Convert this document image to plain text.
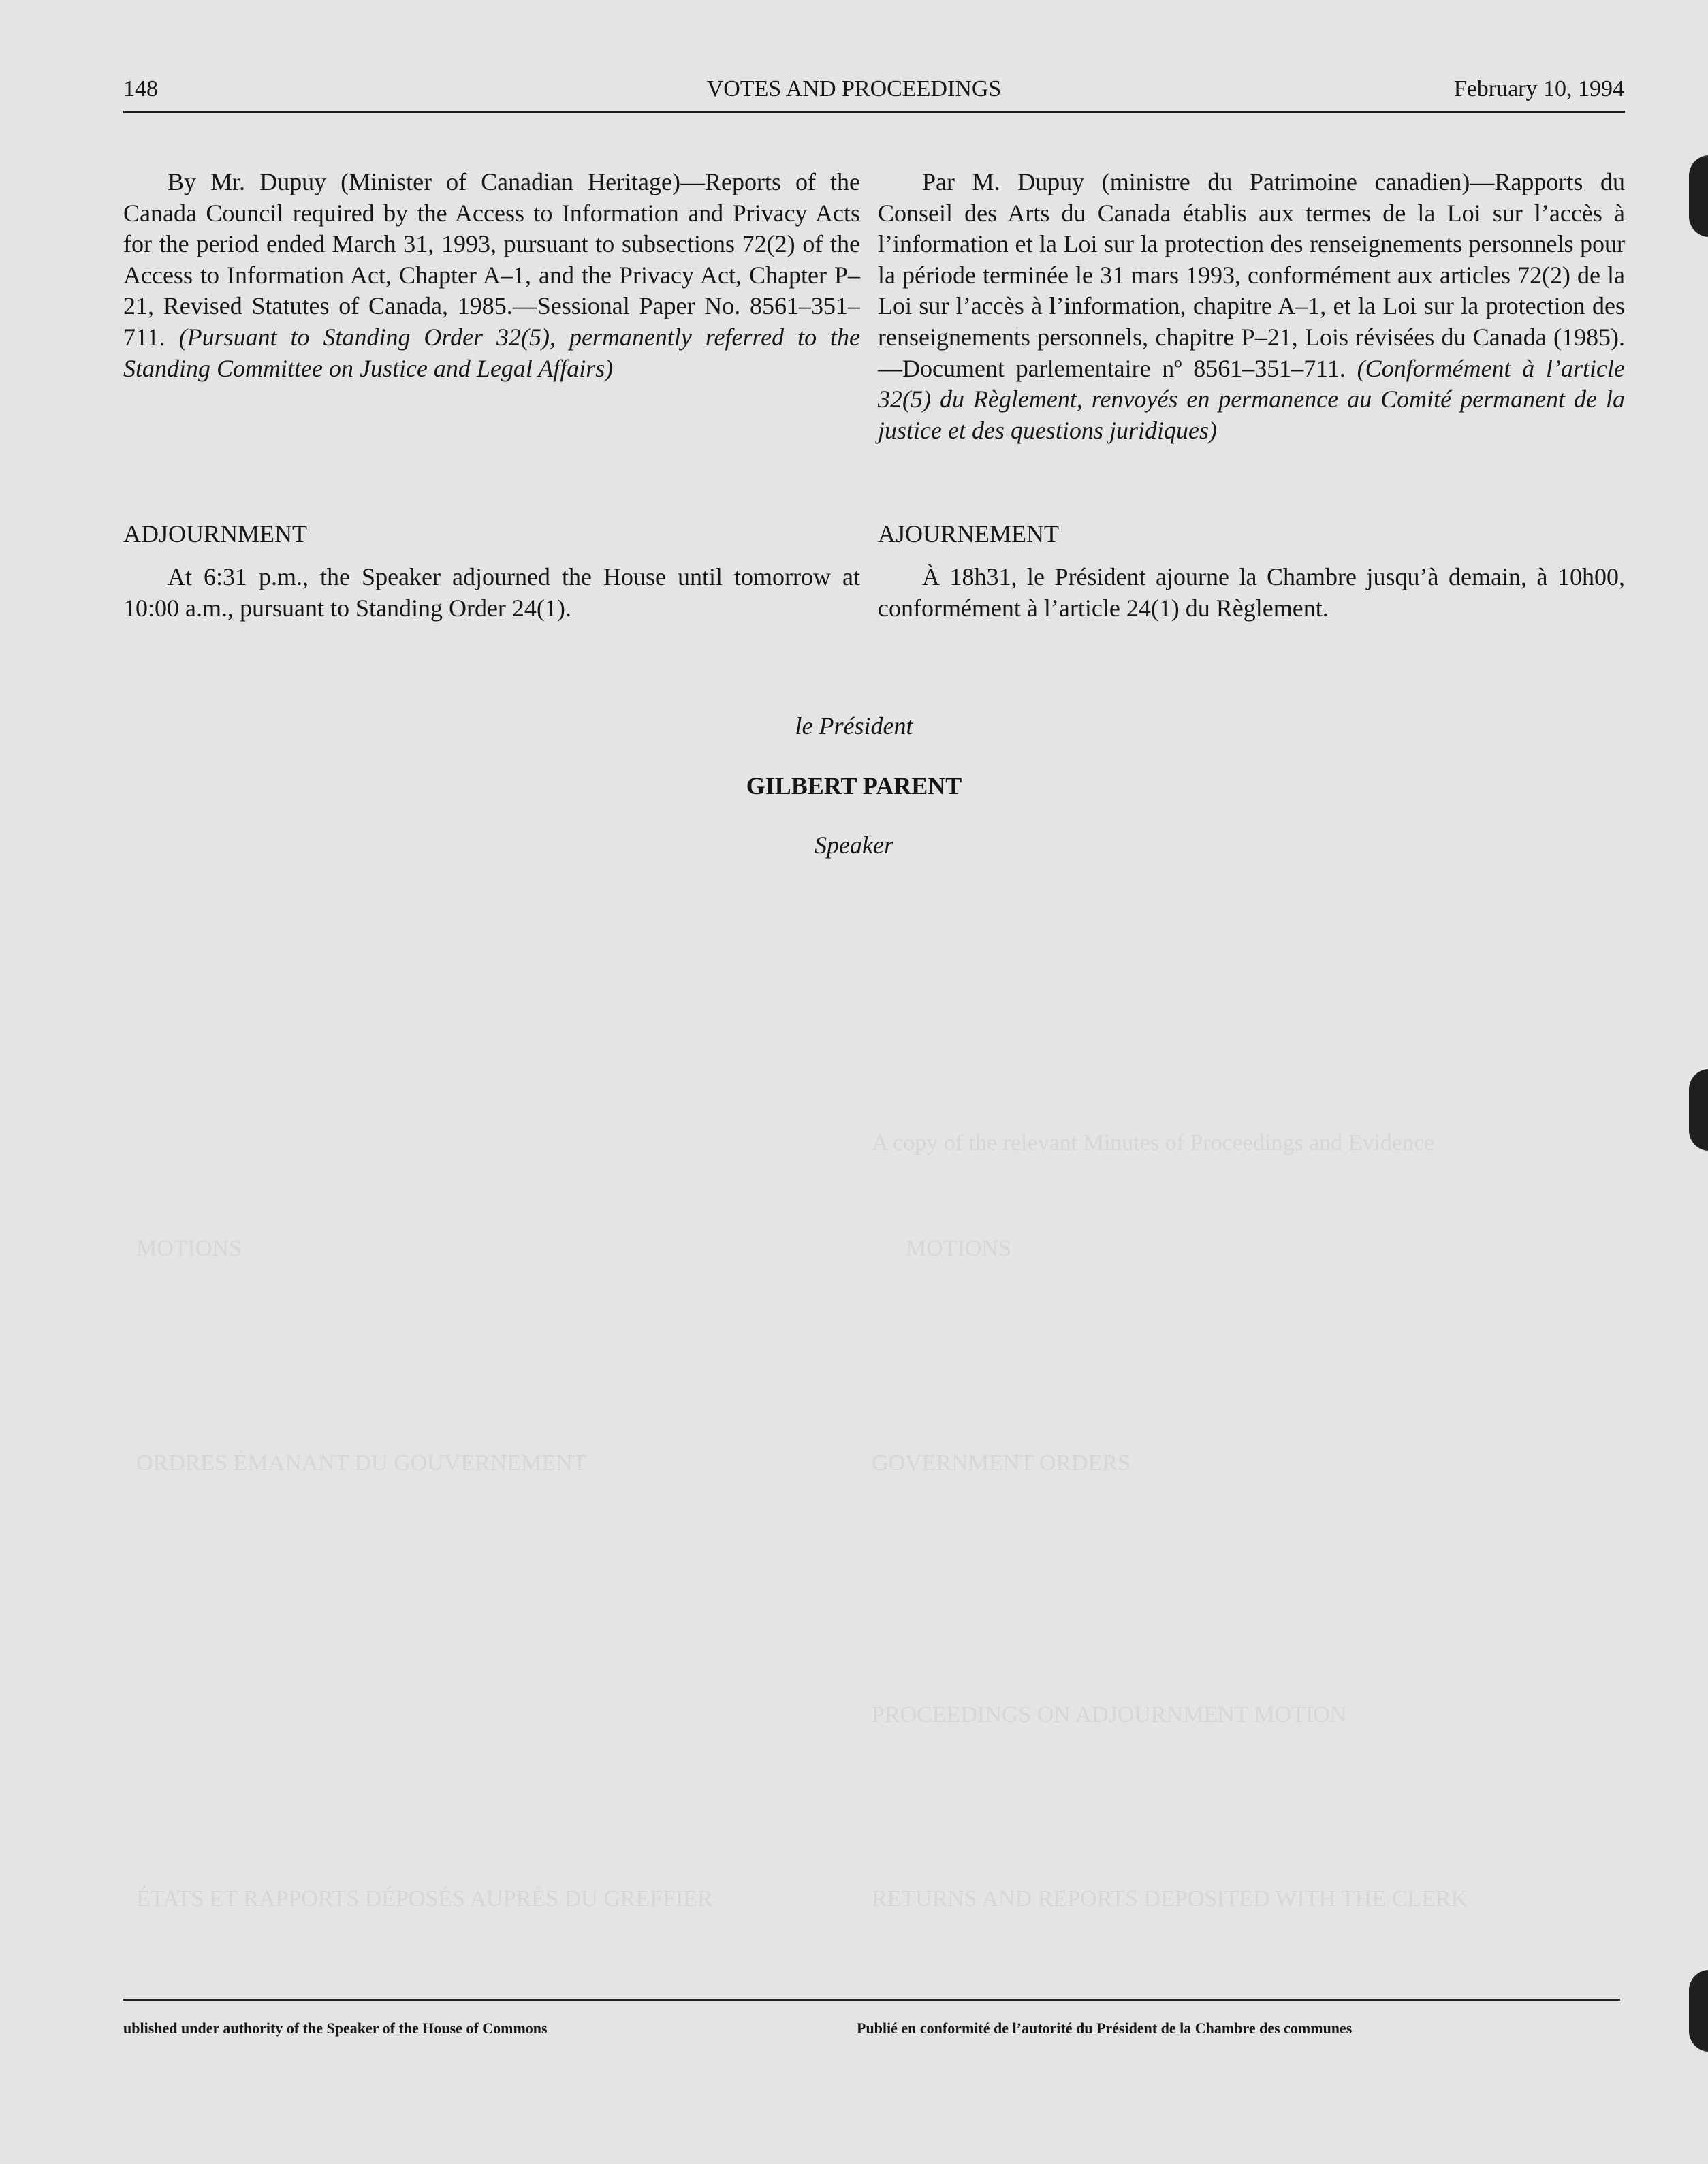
A copy of the relevant Minutes of Proceedings and Evidence
MOTIONS
GOVERNMENT ORDERS
PROCEEDINGS ON ADJOURNMENT MOTION
RETURNS AND REPORTS DEPOSITED WITH THE CLERK
MOTIONS
ORDRES ÉMANANT DU GOUVERNEMENT
ÉTATS ET RAPPORTS DÉPOSÉS AUPRÈS DU GREFFIER
148	VOTES AND PROCEEDINGS	February 10, 1994
By Mr. Dupuy (Minister of Canadian Heritage)—Reports of the Canada Council required by the Access to Information and Privacy Acts for the period ended March 31, 1993, pursuant to subsections 72(2) of the Access to Information Act, Chapter A–1, and the Privacy Act, Chapter P–21, Revised Statutes of Canada, 1985.—Sessional Paper No. 8561–351–711. (Pursuant to Standing Order 32(5), permanently referred to the Standing Committee on Justice and Legal Affairs)
Par M. Dupuy (ministre du Patrimoine canadien)—Rapports du Conseil des Arts du Canada établis aux termes de la Loi sur l’accès à l’information et la Loi sur la protection des renseignements personnels pour la période terminée le 31 mars 1993, conformément aux articles 72(2) de la Loi sur l’accès à l’information, chapitre A–1, et la Loi sur la protection des renseignements personnels, chapitre P–21, Lois révisées du Canada (1985).—Document parlementaire nº 8561–351–711. (Conformément à l’article 32(5) du Règlement, renvoyés en permanence au Comité permanent de la justice et des questions juridiques)
ADJOURNMENT	AJOURNEMENT
At 6:31 p.m., the Speaker adjourned the House until tomorrow at 10:00 a.m., pursuant to Standing Order 24(1).
À 18h31, le Président ajourne la Chambre jusqu’à demain, à 10h00, conformément à l’article 24(1) du Règlement.
le Président
GILBERT PARENT
Speaker
ublished under authority of the Speaker of the House of Commons	Publié en conformité de l’autorité du Président de la Chambre des communes
